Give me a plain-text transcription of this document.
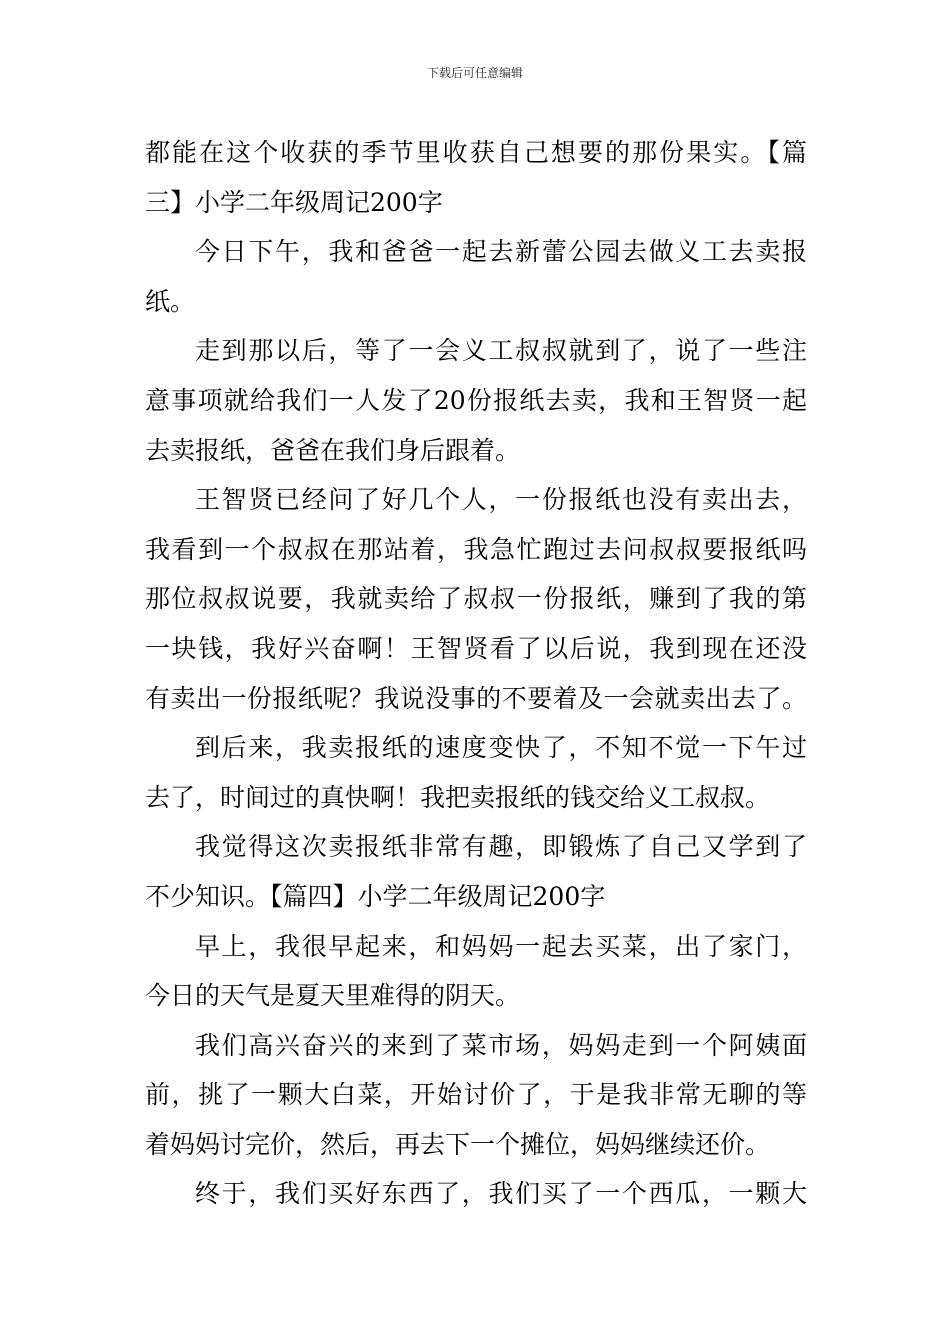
下载后可任意编辑
都能在这个收获的季节里收获自己想要的那份果实。【篇
三】小学二年级周记200字
今日下午，我和爸爸一起去新蕾公园去做义工去卖报
纸。
走到那以后，等了一会义工叔叔就到了，说了一些注
意事项就给我们一人发了20份报纸去卖，我和王智贤一起
去卖报纸，爸爸在我们身后跟着。
王智贤已经问了好几个人，一份报纸也没有卖出去，
我看到一个叔叔在那站着，我急忙跑过去问叔叔要报纸吗
那位叔叔说要，我就卖给了叔叔一份报纸，赚到了我的第
一块钱，我好兴奋啊！王智贤看了以后说，我到现在还没
有卖出一份报纸呢？我说没事的不要着及一会就卖出去了。
到后来，我卖报纸的速度变快了，不知不觉一下午过
去了，时间过的真快啊！我把卖报纸的钱交给义工叔叔。
我觉得这次卖报纸非常有趣，即锻炼了自己又学到了
不少知识。【篇四】小学二年级周记200字
早上，我很早起来，和妈妈一起去买菜，出了家门，
今日的天气是夏天里难得的阴天。
我们高兴奋兴的来到了菜市场，妈妈走到一个阿姨面
前，挑了一颗大白菜，开始讨价了，于是我非常无聊的等
着妈妈讨完价，然后，再去下一个摊位，妈妈继续还价。
终于，我们买好东西了，我们买了一个西瓜，一颗大
